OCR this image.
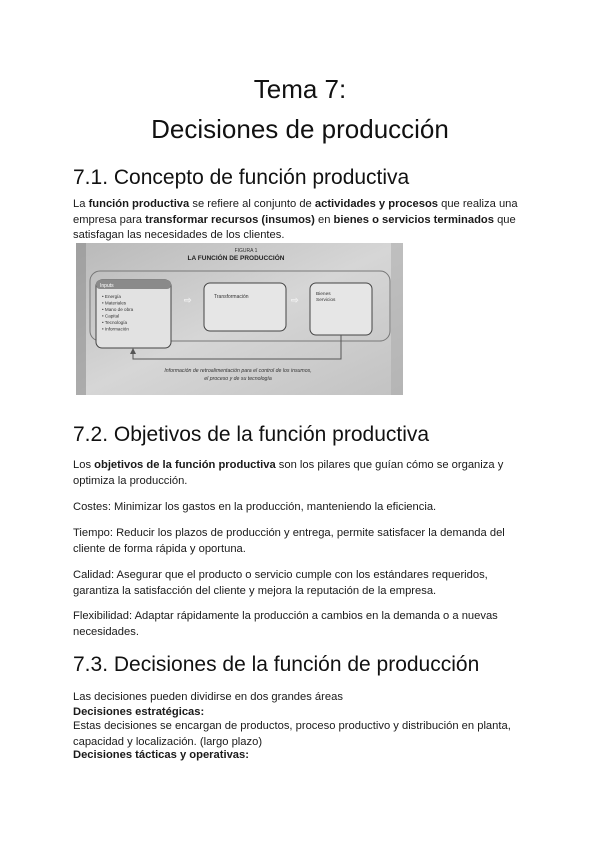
Tema 7:
Decisiones de producción
7.1. Concepto de función productiva

La función productiva se refiere al conjunto de actividades y procesos que realiza una empresa para transformar recursos (insumos) en bienes o servicios terminados que satisfagan las necesidades de los clientes.

FIGURA 1
LA FUNCIÓN DE PRODUCCIÓN
Inputs
• Energía
• Materiales
• Mano de obra
• Capital
• Tecnología
• Información
⇨	Transformación	⇨
Bienes
Servicios
Información de retroalimentación para el control de los insumos,
el proceso y de su tecnología
7.2. Objetivos de la función productiva

Los objetivos de la función productiva son los pilares que guían cómo se organiza y optimiza la producción.

Costes: Minimizar los gastos en la producción, manteniendo la eficiencia.

Tiempo: Reducir los plazos de producción y entrega, permite satisfacer la demanda del cliente de forma rápida y oportuna.

Calidad: Asegurar que el producto o servicio cumple con los estándares requeridos, garantiza la satisfacción del cliente y mejora la reputación de la empresa.

Flexibilidad: Adaptar rápidamente la producción a cambios en la demanda o a nuevas necesidades.

7.3. Decisiones de la función de producción

Las decisiones pueden dividirse en dos grandes áreas

Decisiones estratégicas:

Estas decisiones se encargan de productos, proceso productivo y distribución en planta, capacidad y localización. (largo plazo)

Decisiones tácticas y operativas:
